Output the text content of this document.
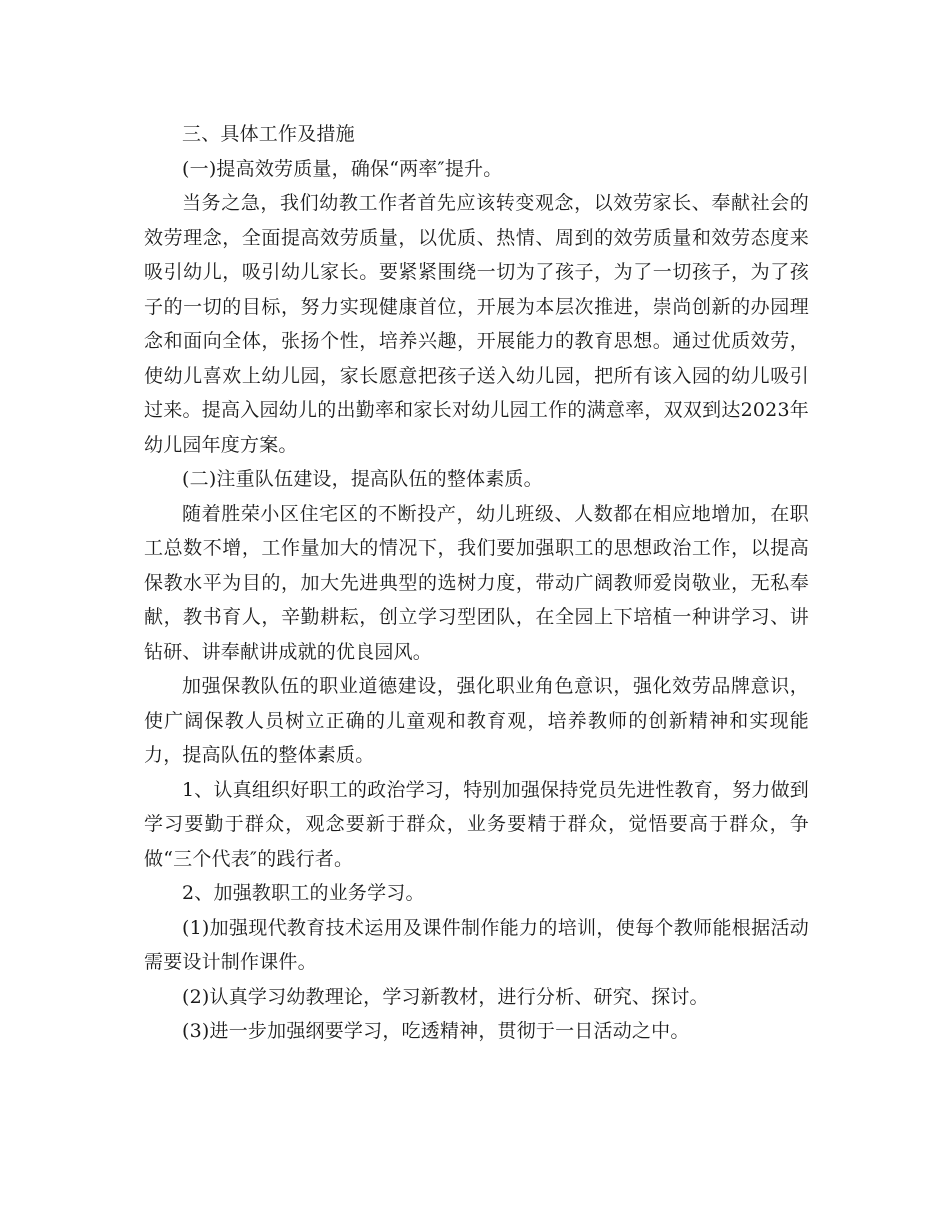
三、具体工作及措施

(一)提高效劳质量，确保“两率″提升。

当务之急，我们幼教工作者首先应该转变观念，以效劳家长、奉献社会的效劳理念，全面提高效劳质量，以优质、热情、周到的效劳质量和效劳态度来吸引幼儿，吸引幼儿家长。要紧紧围绕一切为了孩子，为了一切孩子，为了孩子的一切的目标，努力实现健康首位，开展为本层次推进，崇尚创新的办园理念和面向全体，张扬个性，培养兴趣，开展能力的教育思想。通过优质效劳，使幼儿喜欢上幼儿园，家长愿意把孩子送入幼儿园，把所有该入园的幼儿吸引过来。提高入园幼儿的出勤率和家长对幼儿园工作的满意率，双双到达2023年幼儿园年度方案。

(二)注重队伍建设，提高队伍的整体素质。

随着胜荣小区住宅区的不断投产，幼儿班级、人数都在相应地增加，在职工总数不增，工作量加大的情况下，我们要加强职工的思想政治工作，以提高保教水平为目的，加大先进典型的选树力度，带动广阔教师爱岗敬业，无私奉献，教书育人，辛勤耕耘，创立学习型团队，在全园上下培植一种讲学习、讲钻研、讲奉献讲成就的优良园风。

加强保教队伍的职业道德建设，强化职业角色意识，强化效劳品牌意识，使广阔保教人员树立正确的儿童观和教育观，培养教师的创新精神和实现能力，提高队伍的整体素质。

1、认真组织好职工的政治学习，特别加强保持党员先进性教育，努力做到学习要勤于群众，观念要新于群众，业务要精于群众，觉悟要高于群众，争做“三个代表″的践行者。

2、加强教职工的业务学习。

(1)加强现代教育技术运用及课件制作能力的培训，使每个教师能根据活动需要设计制作课件。

(2)认真学习幼教理论，学习新教材，进行分析、研究、探讨。

(3)进一步加强纲要学习，吃透精神，贯彻于一日活动之中。
